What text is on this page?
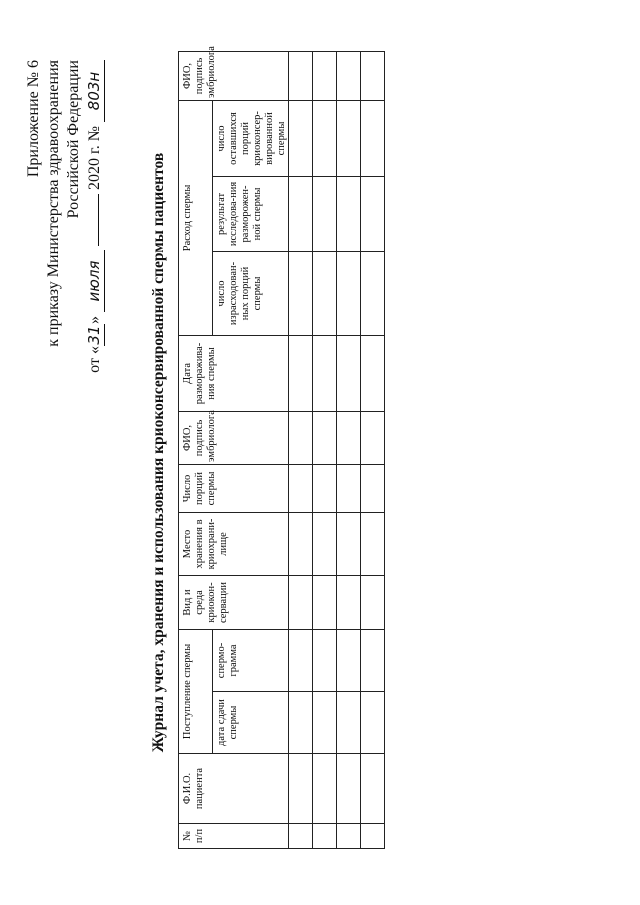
Приложение № 6 к приказу Министерства здравоохранения Российской Федерации
от «31» июля  2020 г. № 803н
Журнал учета, хранения и использования криоконсервированной спермы пациентов
№ п/п	Ф.И.О. пациента	Поступление спермы		Вид и среда криокон-сервации	Место хранения в криохрани-лище	Число порций спермы	ФИО, подпись эмбриолога	Дата разморажива-ния спермы	Расход спермы			ФИО, подпись эмбриолога
		дата сдачи спермы	спермо-грамма						число израсходован-ных порций спермы	результат исследова-ния разморожен-ной спермы	число оставшихся порций криоконсер-вированной спермы	
